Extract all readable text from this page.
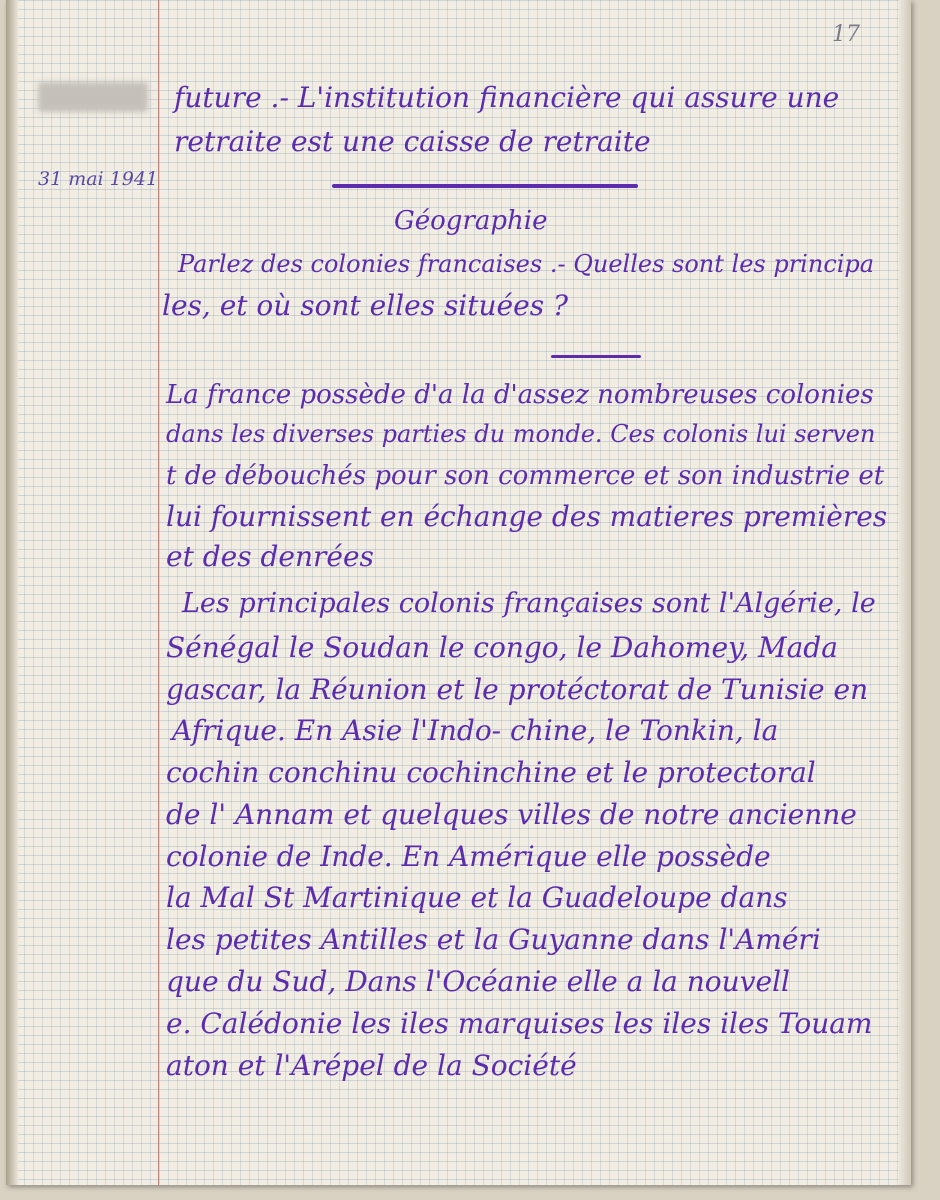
17
31 mai 1941
future .- L'institution financière qui assure une
retraite est une caisse de retraite
Géographie
Parlez des colonies francaises .- Quelles sont les principa
les, et où sont elles situées ?
La france possède d'a la d'assez nombreuses colonies
dans les diverses parties du monde. Ces colonis lui serven
t de débouchés pour son commerce et son industrie et
lui fournissent en échange des matieres premières
et des denrées
Les principales colonis françaises sont l'Algérie, le
Sénégal le Soudan le congo, le Dahomey, Mada
gascar, la Réunion et le protéctorat de Tunisie en
Afrique. En Asie l'Indo- chine, le Tonkin, la
cochin conchinu cochinchine et le protectoral
de l' Annam et quelques villes de notre ancienne
colonie de Inde. En Amérique elle possède
la Mal St Martinique et la Guadeloupe dans
les petites Antilles et la Guyanne dans l'Améri
que du Sud, Dans l'Océanie elle a la nouvell
e. Calédonie les iles marquises les iles iles Touam
aton et l'Arépel de la Société
